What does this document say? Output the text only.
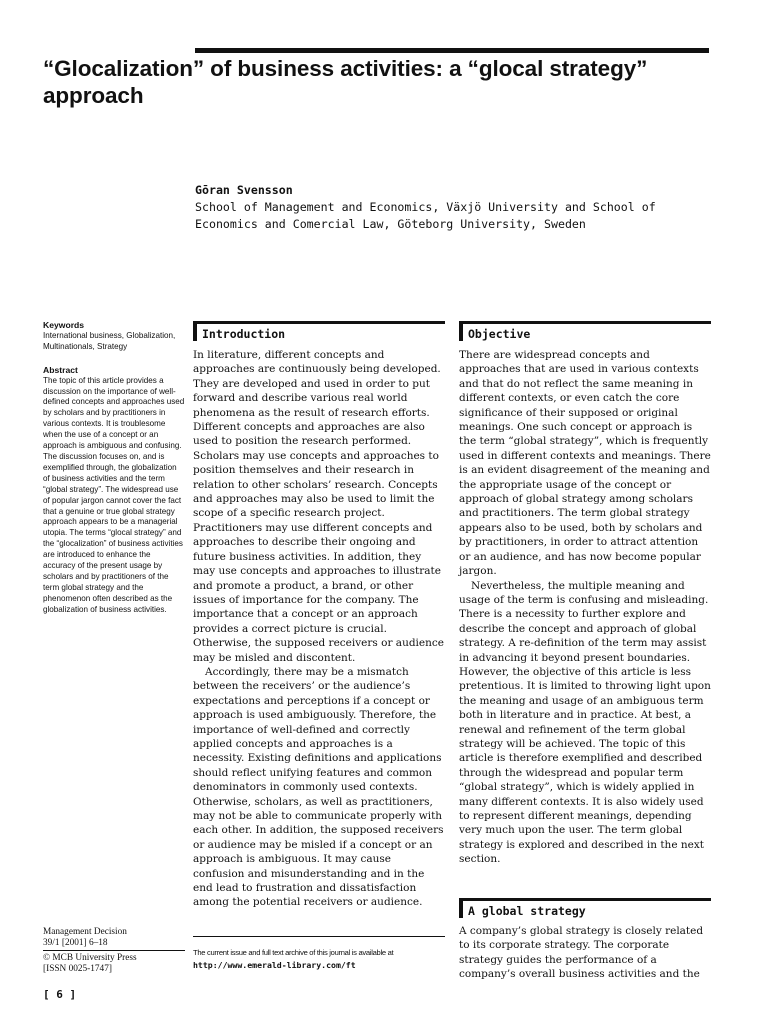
“Glocalization” of business activities: a “glocal strategy” approach
Gōran Svensson
School of Management and Economics, Växjö University and School of Economics and Comercial Law, Göteborg University, Sweden
Keywords

International business, Globalization, Multinationals, Strategy

Abstract

The topic of this article provides a discussion on the importance of well-defined concepts and approaches used by scholars and by practitioners in various contexts. It is troublesome when the use of a concept or an approach is ambiguous and confusing. The discussion focuses on, and is exemplified through, the globalization of business activities and the term “global strategy”. The widespread use of popular jargon cannot cover the fact that a genuine or true global strategy approach appears to be a managerial utopia. The terms “glocal strategy” and the “glocalization” of business activities are introduced to enhance the accuracy of the present usage by scholars and by practitioners of the term global strategy and the phenomenon often described as the globalization of business activities.

Introduction

In literature, different concepts and approaches are continuously being developed. They are developed and used in order to put forward and describe various real world phenomena as the result of research efforts. Different concepts and approaches are also used to position the research performed. Scholars may use concepts and approaches to position themselves and their research in relation to other scholars’ research. Concepts and approaches may also be used to limit the scope of a specific research project. Practitioners may use different concepts and approaches to describe their ongoing and future business activities. In addition, they may use concepts and approaches to illustrate and promote a product, a brand, or other issues of importance for the company. The importance that a concept or an approach provides a correct picture is crucial. Otherwise, the supposed receivers or audience may be misled and discontent.

Accordingly, there may be a mismatch between the receivers’ or the audience’s expectations and perceptions if a concept or approach is used ambiguously. Therefore, the importance of well-defined and correctly applied concepts and approaches is a necessity. Existing definitions and applications should reflect unifying features and common denominators in commonly used contexts. Otherwise, scholars, as well as practitioners, may not be able to communicate properly with each other. In addition, the supposed receivers or audience may be misled if a concept or an approach is ambiguous. It may cause confusion and misunderstanding and in the end lead to frustration and dissatisfaction among the potential receivers or audience.

Objective

There are widespread concepts and approaches that are used in various contexts and that do not reflect the same meaning in different contexts, or even catch the core significance of their supposed or original meanings. One such concept or approach is the term “global strategy”, which is frequently used in different contexts and meanings. There is an evident disagreement of the meaning and the appropriate usage of the concept or approach of global strategy among scholars and practitioners. The term global strategy appears also to be used, both by scholars and by practitioners, in order to attract attention or an audience, and has now become popular jargon.

Nevertheless, the multiple meaning and usage of the term is confusing and misleading. There is a necessity to further explore and describe the concept and approach of global strategy. A re-definition of the term may assist in advancing it beyond present boundaries. However, the objective of this article is less pretentious. It is limited to throwing light upon the meaning and usage of an ambiguous term both in literature and in practice. At best, a renewal and refinement of the term global strategy will be achieved. The topic of this article is therefore exemplified and described through the widespread and popular term “global strategy”, which is widely applied in many different contexts. It is also widely used to represent different meanings, depending very much upon the user. The term global strategy is explored and described in the next section.

A global strategy

A company’s global strategy is closely related to its corporate strategy. The corporate strategy guides the performance of a company’s overall business activities and the

Management Decision
39/1 [2001] 6–18
© MCB University Press
[ISSN 0025-1747]
The current issue and full text archive of this journal is available at
http://www.emerald-library.com/ft
[ 6 ]
